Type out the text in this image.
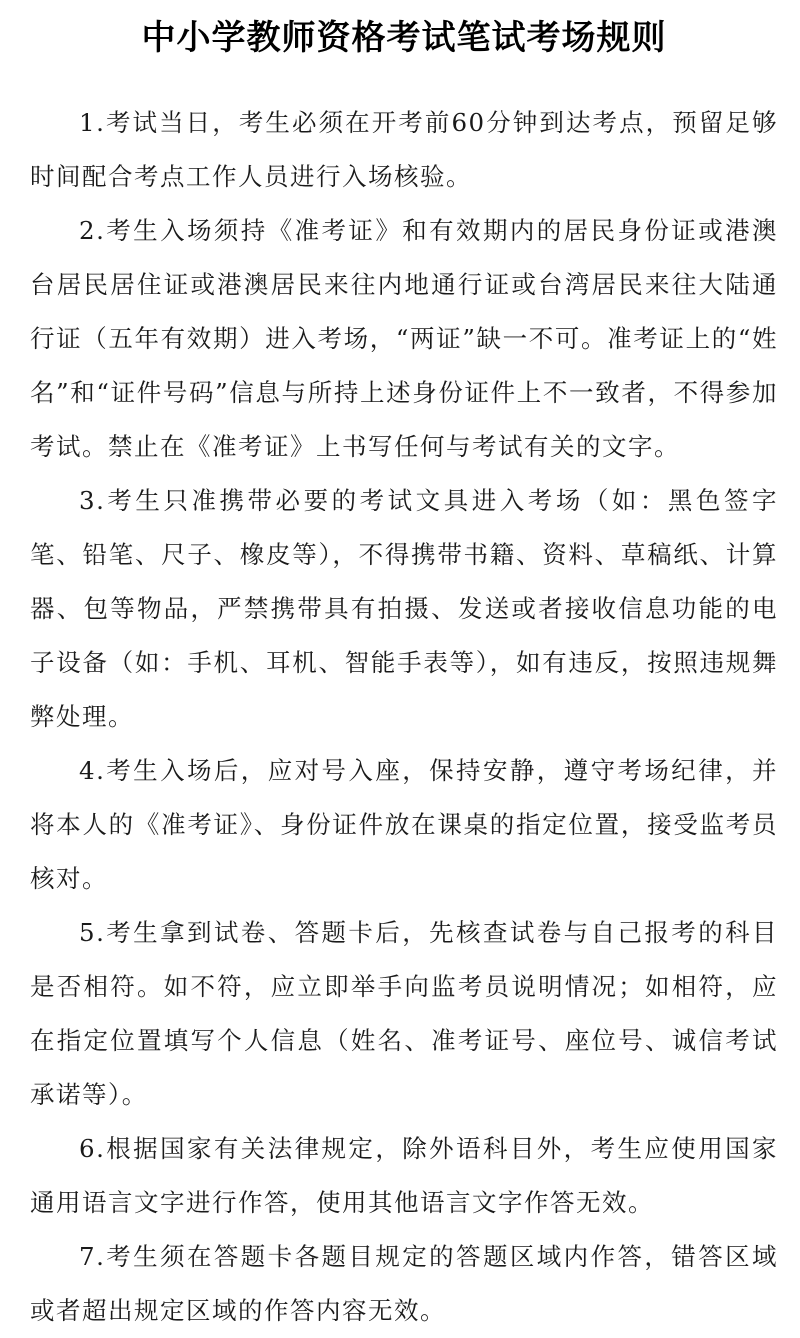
中小学教师资格考试笔试考场规则

1.考试当日，考生必须在开考前60分钟到达考点，预留足够时间配合考点工作人员进行入场核验。

2.考生入场须持《准考证》和有效期内的居民身份证或港澳台居民居住证或港澳居民来往内地通行证或台湾居民来往大陆通行证（五年有效期）进入考场，“两证”缺一不可。准考证上的“姓名”和“证件号码”信息与所持上述身份证件上不一致者，不得参加考试。禁止在《准考证》上书写任何与考试有关的文字。

3.考生只准携带必要的考试文具进入考场（如：黑色签字笔、铅笔、尺子、橡皮等），不得携带书籍、资料、草稿纸、计算器、包等物品，严禁携带具有拍摄、发送或者接收信息功能的电子设备（如：手机、耳机、智能手表等），如有违反，按照违规舞弊处理。

4.考生入场后，应对号入座，保持安静，遵守考场纪律，并将本人的《准考证》、身份证件放在课桌的指定位置，接受监考员核对。

5.考生拿到试卷、答题卡后，先核查试卷与自己报考的科目是否相符。如不符，应立即举手向监考员说明情况；如相符，应在指定位置填写个人信息（姓名、准考证号、座位号、诚信考试承诺等）。

6.根据国家有关法律规定，除外语科目外，考生应使用国家通用语言文字进行作答，使用其他语言文字作答无效。

7.考生须在答题卡各题目规定的答题区域内作答，错答区域或者超出规定区域的作答内容无效。
